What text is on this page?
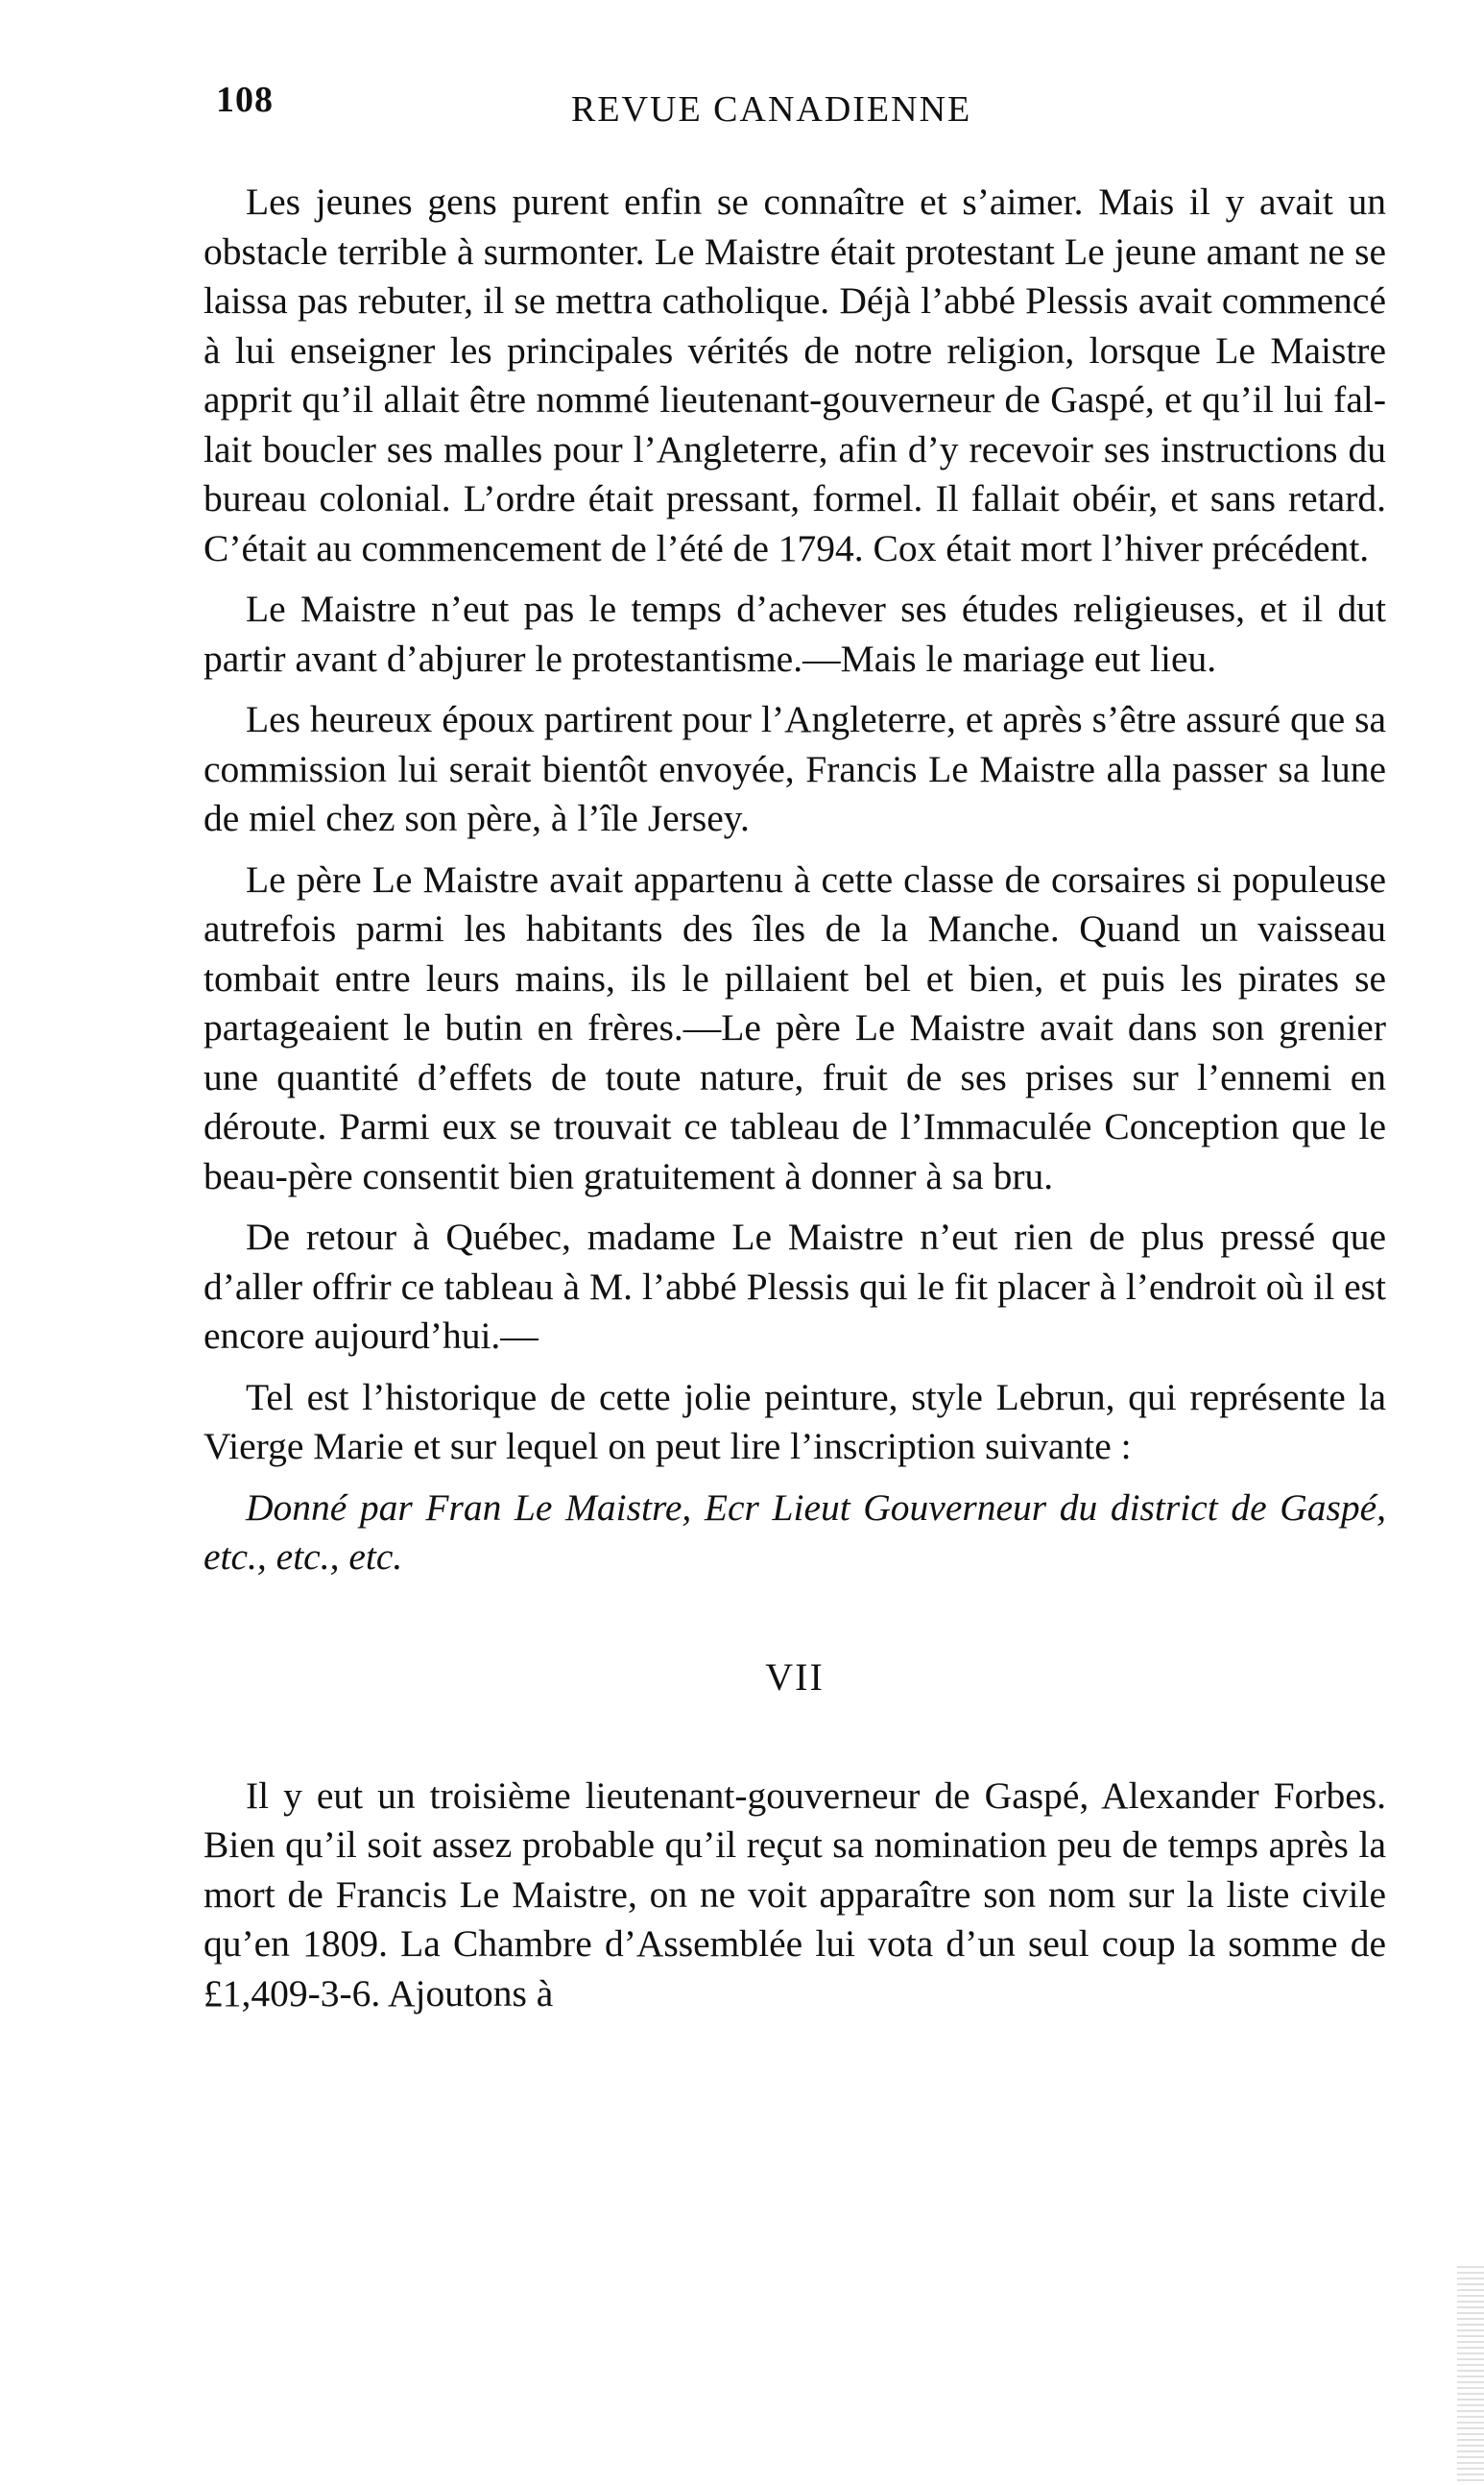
108	REVUE CANADIENNE

Les jeunes gens purent enfin se connaître et s’aimer. Mais il y avait un obstacle terrible à surmonter. Le Maistre était protestant Le jeune amant ne se laissa pas rebuter, il se mettra catholique. Déjà l’abbé Plessis avait commencé à lui enseigner les principales vérités de notre religion, lorsque Le Maistre apprit qu’il allait être nommé lieutenant-gouverneur de Gaspé, et qu’il lui fallait boucler ses malles pour l’Angleterre, afin d’y recevoir ses instructions du bureau colonial. L’ordre était pressant, formel. Il fallait obéir, et sans retard. C’était au commencement de l’été de 1794. Cox était mort l’hiver précédent.

Le Maistre n’eut pas le temps d’achever ses études religieuses, et il dut partir avant d’abjurer le protestantisme.—Mais le mariage eut lieu.

Les heureux époux partirent pour l’Angleterre, et après s’être assuré que sa commission lui serait bientôt envoyée, Francis Le Maistre alla passer sa lune de miel chez son père, à l’île Jersey.

Le père Le Maistre avait appartenu à cette classe de corsaires si populeuse autrefois parmi les habitants des îles de la Manche. Quand un vaisseau tombait entre leurs mains, ils le pillaient bel et bien, et puis les pirates se partageaient le butin en frères.—Le père Le Maistre avait dans son grenier une quantité d’effets de toute nature, fruit de ses prises sur l’ennemi en déroute. Parmi eux se trouvait ce tableau de l’Immaculée Conception que le beau-père consentit bien gratuitement à donner à sa bru.

De retour à Québec, madame Le Maistre n’eut rien de plus pressé que d’aller offrir ce tableau à M. l’abbé Plessis qui le fit placer à l’endroit où il est encore aujourd’hui.—

Tel est l’historique de cette jolie peinture, style Lebrun, qui représente la Vierge Marie et sur lequel on peut lire l’inscription suivante :

Donné par Fran Le Maistre, Ecr Lieut Gouverneur du district de Gaspé, etc., etc., etc.

VII

Il y eut un troisième lieutenant-gouverneur de Gaspé, Alexander Forbes. Bien qu’il soit assez probable qu’il reçut sa nomination peu de temps après la mort de Francis Le Maistre, on ne voit apparaître son nom sur la liste civile qu’en 1809. La Chambre d’Assemblée lui vota d’un seul coup la somme de £1,409-3-6. Ajoutons à
